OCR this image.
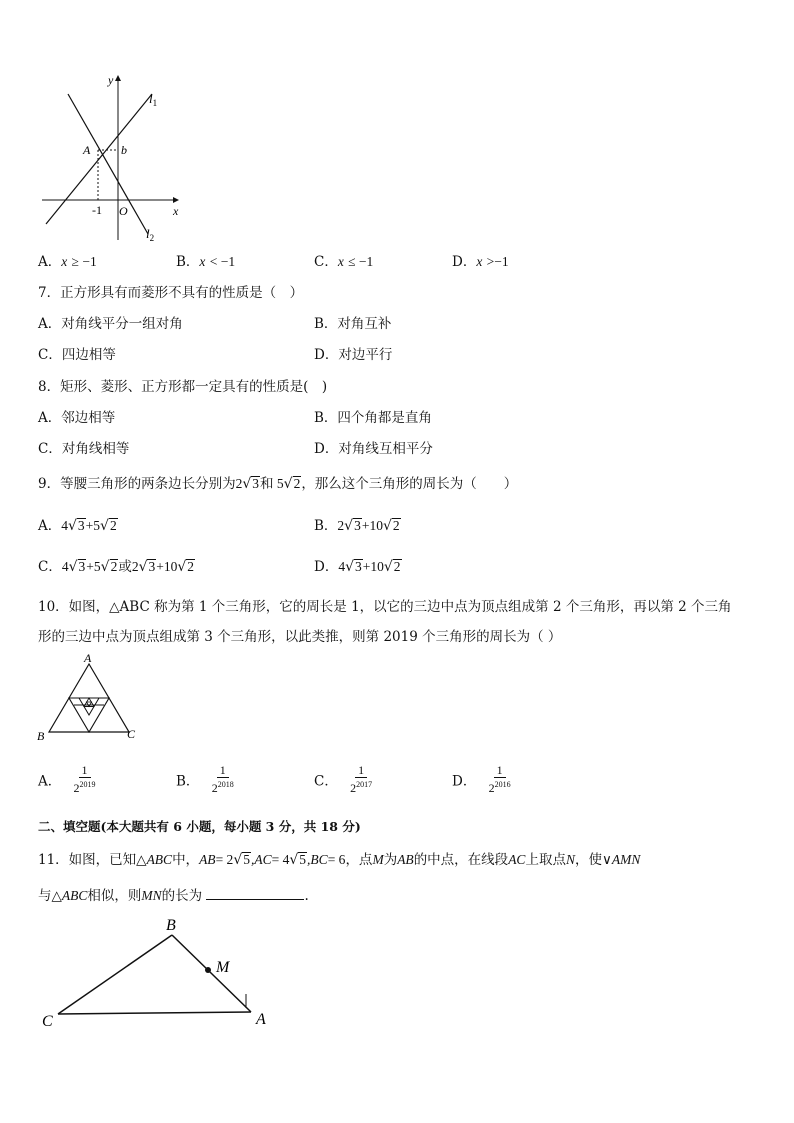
y
x
$l_1$
$l_2$
A	b
-1 O
A．x ≥ −1	B．x < −1	C．x ≤ −1	D．x >−1
7．正方形具有而菱形不具有的性质是（　）
A．对角线平分一组对角	B．对角互补
C．四边相等	D．对边平行
8．矩形、菱形、正方形都一定具有的性质是(　)
A．邻边相等	B．四个角都是直角
C．对角线相等	D．对角线互相平分
9．等腰三角形的两条边长分别为2√3和 5√2，那么这个三角形的周长为（　　）
A．4√3+5√2	B．2√3+10√2
C．4√3+5√2或2√3+10√2	D．4√3+10√2
10．如图，△ABC 称为第 1 个三角形，它的周长是 1，以它的三边中点为顶点组成第 2 个三角形，再以第 2 个三角
形的三边中点为顶点组成第 3 个三角形，以此类推，则第 2019 个三角形的周长为（ ）
A
B	C
A． $\frac{1}{2^{2019}}$	B． $\frac{1}{2^{2018}}$	C． $\frac{1}{2^{2017}}$	D． $\frac{1}{2^{2016}}$
二、填空题(本大题共有 6 小题，每小题 3 分，共 18 分)
11．如图，已知△ABC中，AB= 2√5,AC= 4√5,BC= 6，点M为AB的中点，在线段AC上取点N，使∨AMN
与△ABC相似，则MN的长为	.
B
M
C	A
